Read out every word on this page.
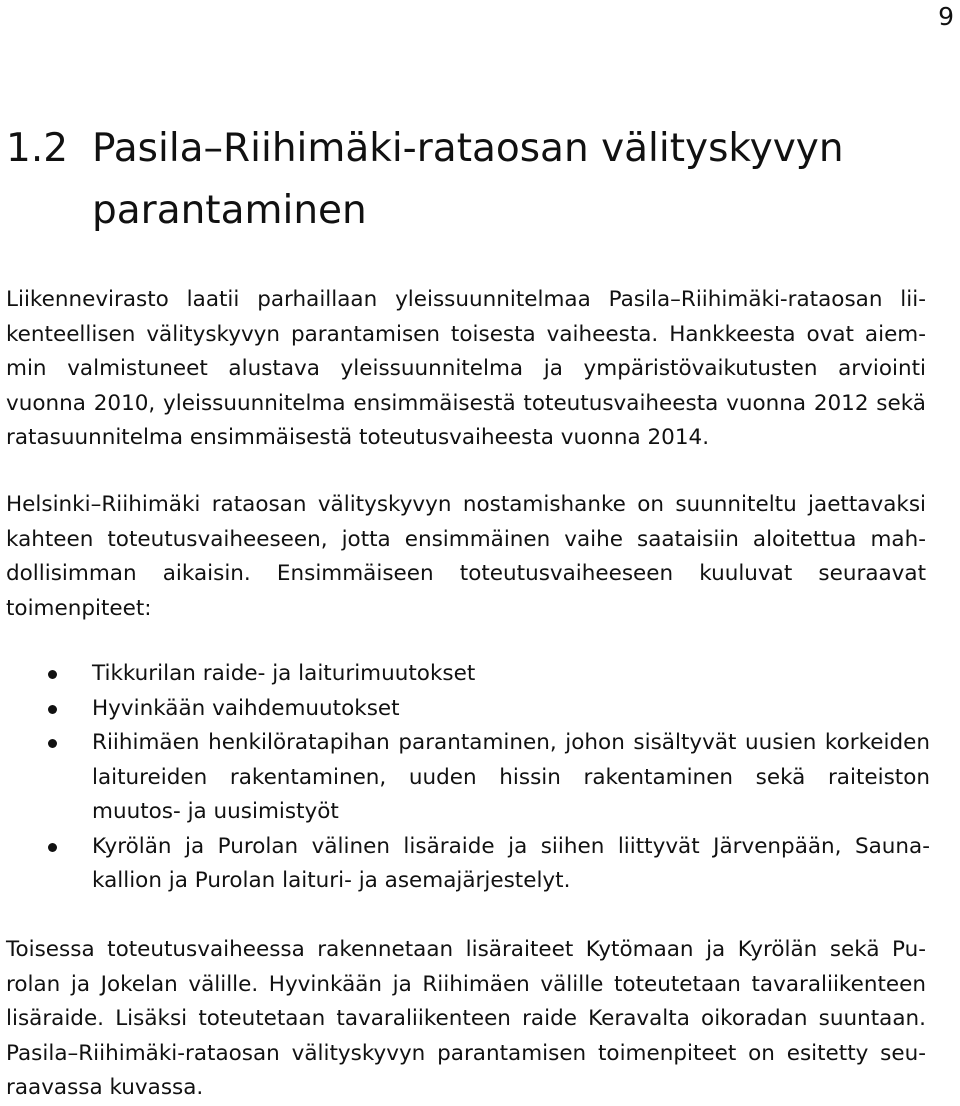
9
1.2 Pasila–Riihimäki-rataosan välityskyvyn parantaminen

Liikennevirasto laatii parhaillaan yleissuunnitelmaa Pasila–Riihimäki-rataosan liikenteellisen välityskyvyn parantamisen toisesta vaiheesta. Hankkeesta ovat aiemmin valmistuneet alustava yleissuunnitelma ja ympäristövaikutusten arviointi vuonna 2010, yleissuunnitelma ensimmäisestä toteutusvaiheesta vuonna 2012 sekä ratasuunnitelma ensimmäisestä toteutusvaiheesta vuonna 2014.

Helsinki–Riihimäki rataosan välityskyvyn nostamishanke on suunniteltu jaettavaksi kahteen toteutusvaiheeseen, jotta ensimmäinen vaihe saataisiin aloitettua mahdollisimman aikaisin. Ensimmäiseen toteutusvaiheeseen kuuluvat seuraavat toimenpiteet:

Tikkurilan raide- ja laiturimuutokset
Hyvinkään vaihdemuutokset
Riihimäen henkilöratapihan parantaminen, johon sisältyvät uusien korkeiden laitureiden rakentaminen, uuden hissin rakentaminen sekä raiteiston muutos- ja uusimistyöt
Kyrölän ja Purolan välinen lisäraide ja siihen liittyvät Järvenpään, Saunakallion ja Purolan laituri- ja asemajärjestelyt.

Toisessa toteutusvaiheessa rakennetaan lisäraiteet Kytömaan ja Kyrölän sekä Purolan ja Jokelan välille. Hyvinkään ja Riihimäen välille toteutetaan tavaraliikenteen lisäraide. Lisäksi toteutetaan tavaraliikenteen raide Keravalta oikoradan suuntaan. Pasila–Riihimäki-rataosan välityskyvyn parantamisen toimenpiteet on esitetty seuraavassa kuvassa.
